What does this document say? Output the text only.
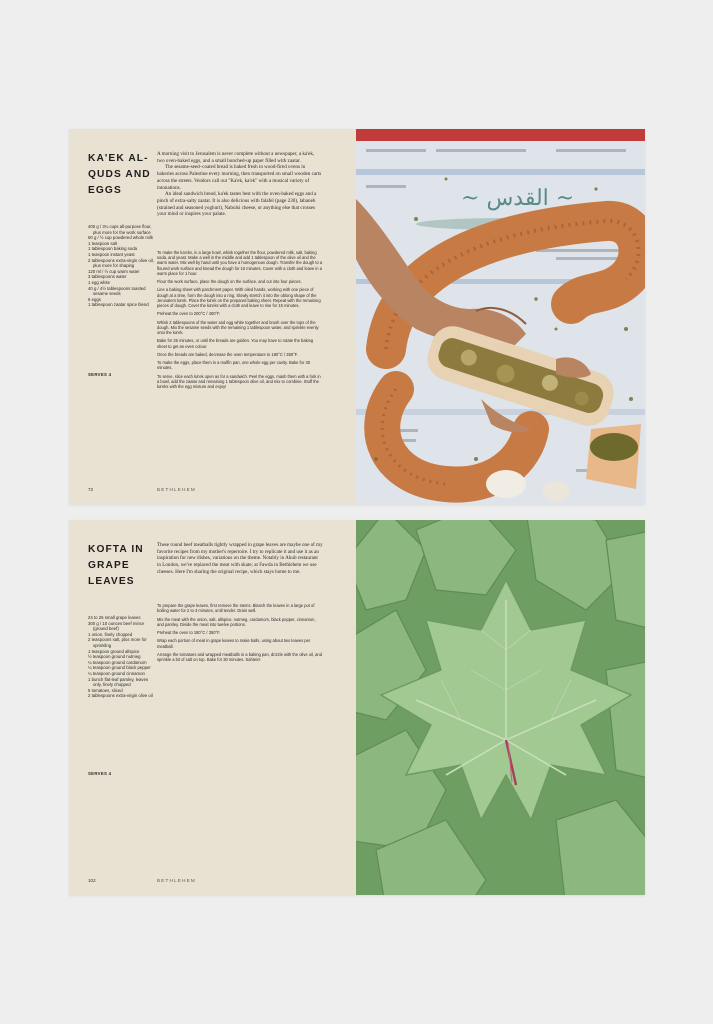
KA'EK AL-QUDS AND EGGS
400 g / 3¼ cups all-purpose flour, plus more for the work surface
60 g / ½ cup powdered whole milk
1 teaspoon salt
1 tablespoon baking soda
1 teaspoon instant yeast
2 tablespoons extra-virgin olive oil, plus more for shaping
120 ml / ½ cup warm water
3 tablespoons water
1 egg white
40 g / 4½ tablespoons toasted sesame seeds
6 eggs
1 tablespoon zaatar spice blend
SERVES 4

A morning visit to Jerusalem is never complete without a newspaper, a ka'ek, two oven-baked eggs, and a small bunched-up paper filled with zaatar.

The sesame-seed–coated bread is baked fresh in wood-fired ovens in bakeries across Palestine every morning, then transported on small wooden carts across the streets. Vendors call out "Ka'ek, ka'ek" with a musical variety of intonations.

An ideal sandwich bread, ka'ek tastes best with the oven-baked eggs and a pinch of extra-salty zaatar. It is also delicious with falafel (page 230), labaneh (strained and seasoned yoghurt), Nabulsi cheese, or anything else that crosses your mind or inspires your palate.

To make the ka'eks, in a large bowl, whisk together the flour, powdered milk, salt, baking soda, and yeast. Make a well in the middle and add 1 tablespoon of the olive oil and the warm water. Mix well by hand until you have a homogenous dough. Transfer the dough to a floured work surface and knead the dough for 10 minutes. Cover with a cloth and leave in a warm place for 1 hour.

Flour the work surface, place the dough on the surface, and cut into four pieces.

Line a baking sheet with parchment paper. With oiled hands, working with one piece of dough at a time, form the dough into a ring. Slowly stretch it into the oblong shape of the Jerusalem ka'ek. Place the ka'ek on the prepared baking sheet. Repeat with the remaining pieces of dough. Cover the ka'eks with a cloth and leave to rise for 15 minutes.

Preheat the oven to 200°C / 400°F.

Whisk 2 tablespoons of the water and egg white together and brush over the tops of the dough. Mix the sesame seeds with the remaining 1 tablespoon water, and sprinkle evenly onto the ka'ek.

Bake for 25 minutes, or until the breads are golden. You may have to rotate the baking sheet to get an even colour.

Once the breads are baked, decrease the oven temperature to 180°C / 350°F.

To make the eggs, place them in a muffin pan, one whole egg per cavity. Bake for 30 minutes.

To serve, slice each ka'ek open as for a sandwich. Peel the eggs, mash them with a fork in a bowl, add the zaatar and remaining 1 tablespoon olive oil, and mix to combine. Stuff the ka'eks with the egg mixture and enjoy!

72	BETHLEHEM
~ ﺍﻟﻘﺪﺱ ~
KOFTA IN GRAPE LEAVES
24 to 26 small grape leaves
300 g / 10 ounces beef mince (ground beef)
1 onion, finely chopped
2 teaspoons salt, plus more for sprinkling
1 teaspoon ground allspice
½ teaspoon ground nutmeg
¼ teaspoon ground cardamom
¼ teaspoon ground black pepper
¼ teaspoon ground cinnamon
1 bunch flat-leaf parsley, leaves only, finely chopped
5 tomatoes, sliced
2 tablespoons extra-virgin olive oil
SERVES 4

These round beef meatballs tightly wrapped in grape leaves are maybe one of my favorite recipes from my mother's repertoire. I try to replicate it and use it as an inspiration for new dishes, variations on the theme. Notably in Akub restaurant in London, we've replaced the meat with skate; at Fawda in Bethlehem we use cheeses. Here I'm sharing the original recipe, which stays home to me.

To prepare the grape leaves, first remove the stems. Blanch the leaves in a large pot of boiling water for 2 to 3 minutes, until tender. Drain well.

Mix the meat with the onion, salt, allspice, nutmeg, cardamom, black pepper, cinnamon, and parsley. Divide the meat into twelve portions.

Preheat the oven to 180°C / 350°F.

Wrap each portion of meat in grape leaves to make balls, using about two leaves per meatball.

Arrange the tomatoes and wrapped meatballs in a baking pan, drizzle with the olive oil, and sprinkle a bit of salt on top. Bake for 30 minutes. Sahtein!

102	BETHLEHEM
